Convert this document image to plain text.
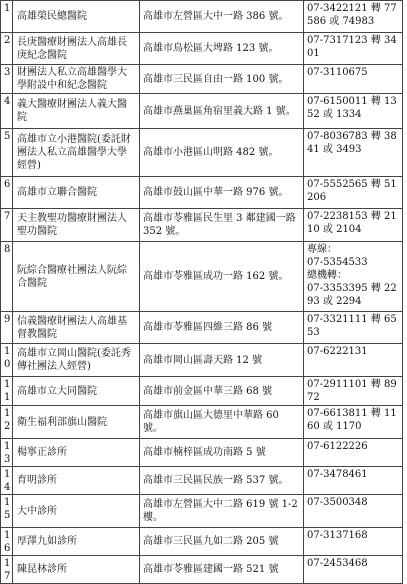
1	高雄榮民總醫院	高雄市左營區大中一路 386 號。	07-3422121 轉 77586 或 74983
2	長庚醫療財團法人高雄長庚紀念醫院	高雄市鳥松區大埤路 123 號。	07-7317123 轉 3401
3	財團法人私立高雄醫學大學附設中和紀念醫院	高雄市三民區自由一路 100 號。	07-3110675
4	義大醫療財團法人義大醫院	高雄市燕巢區角宿里義大路 1 號。	07-6150011 轉 1352 或 1334
5	高雄市立小港醫院(委託財團法人私立高雄醫學大學經營)	高雄市小港區山明路 482 號。	07-8036783 轉 3841 或 3493
6	高雄市立聯合醫院	高雄市鼓山區中華一路 976 號。	07-5552565 轉 51206
7	天主教聖功醫療財團法人聖功醫院	高雄市苓雅區民生里 3 鄰建國一路 352 號。	07-2238153 轉 2110 或 2104
8	阮綜合醫療社團法人阮綜合醫院	高雄市苓雅區成功一路 162 號。	專線：
07-5354533
總機轉：
07-3353395 轉 2293 或 2294
9	信義醫療財團法人高雄基督教醫院	高雄市苓雅區四維三路 86 號	07-3321111 轉 6553
10	高雄市立岡山醫院(委託秀傳社團法人經營)	高雄市岡山區壽天路 12 號	07-6222131
11	高雄市立大同醫院	高雄市前金區中華三路 68 號	07-2911101 轉 8972
12	衛生福利部旗山醫院	高雄市旗山區大德里中華路 60 號。	07-6613811 轉 1160 或 1170
13	楊寧正診所	高雄市楠梓區成功南路 5 號	07-6122226
14	育明診所	高雄市三民區民族一路 537 號。	07-3478461
15	大中診所	高雄市左營區大中二路 619 號 1-2 樓。	07-3500348
16	厚澤九如診所	高雄市三民區九如二路 205 號	07-3137168
17	陳昆林診所	高雄市苓雅區建國一路 521 號	07-2453468
